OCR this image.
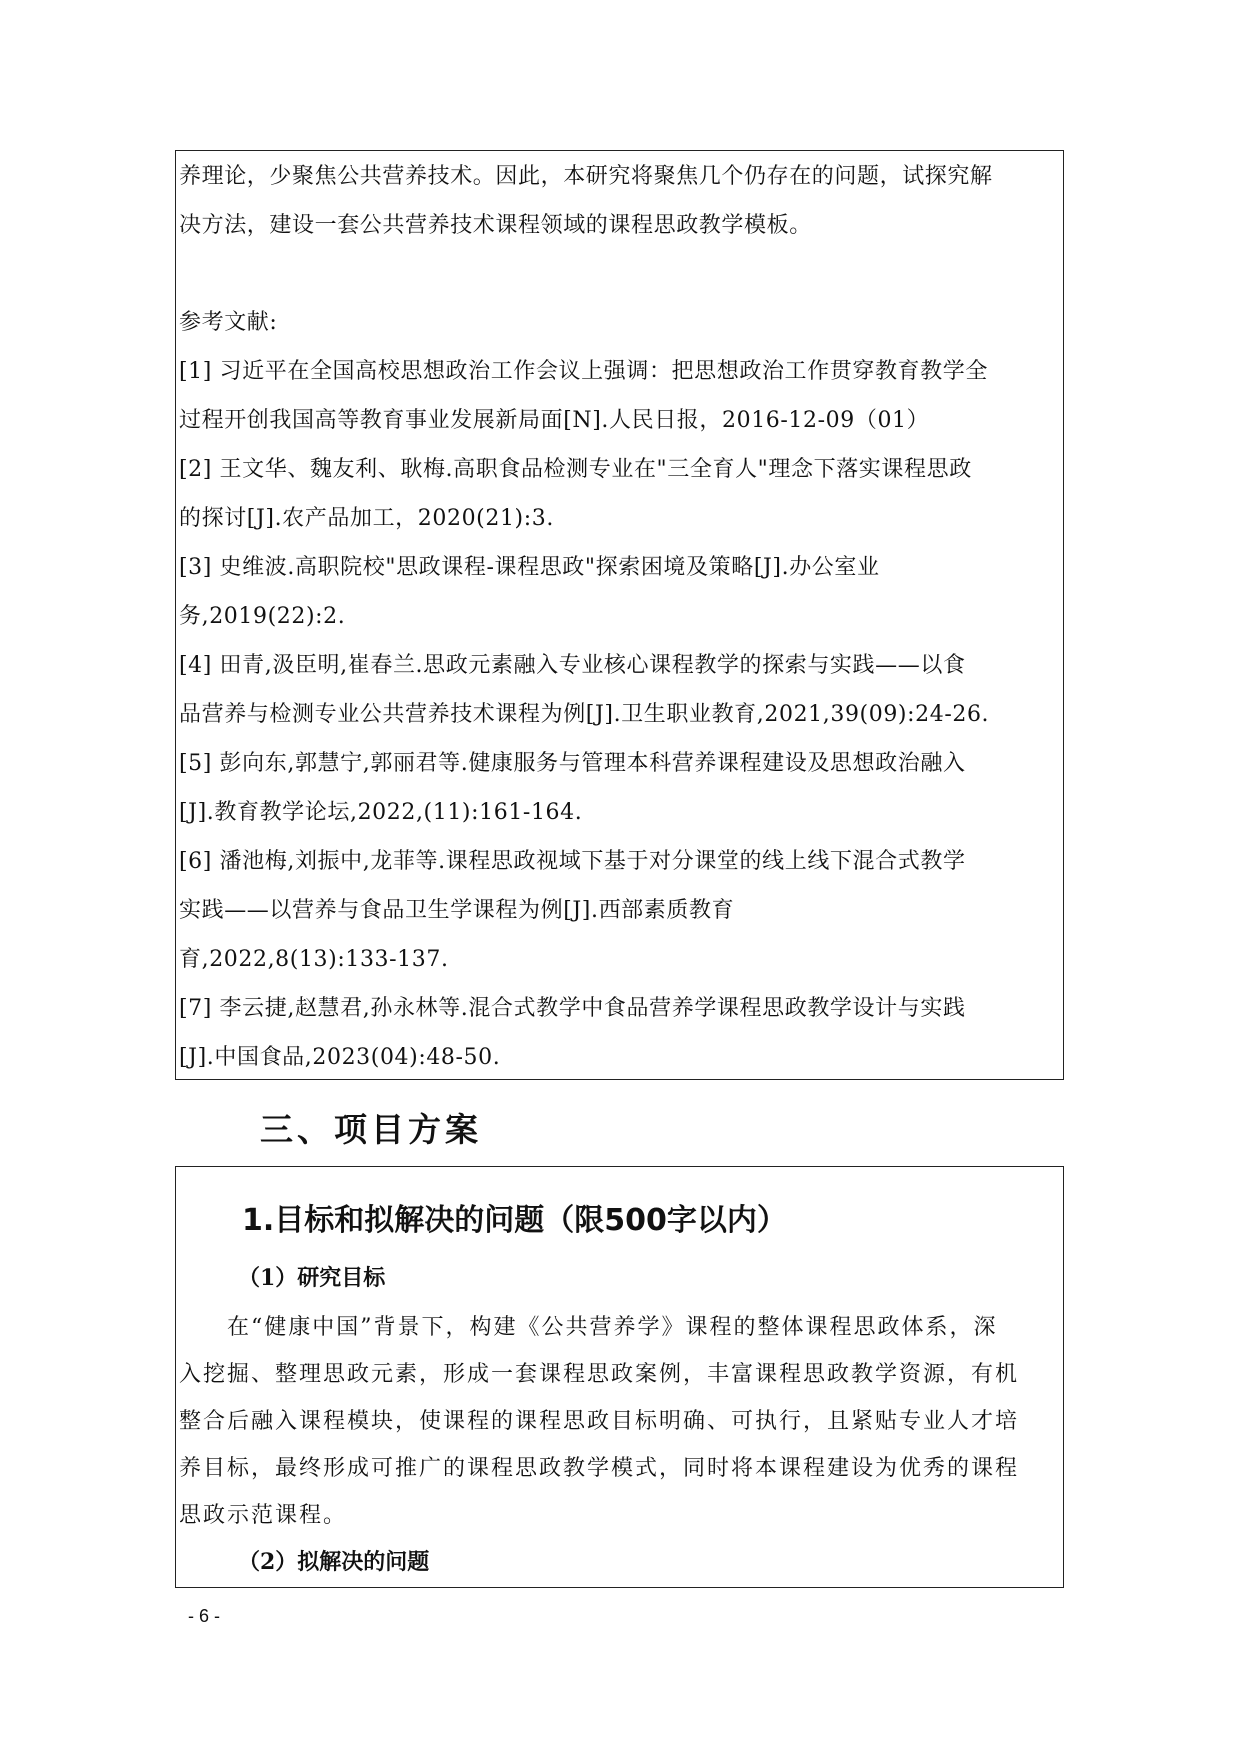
养理论，少聚焦公共营养技术。因此，本研究将聚焦几个仍存在的问题，试探究解
决方法，建设一套公共营养技术课程领域的课程思政教学模板。
参考文献:
[1] 习近平在全国高校思想政治工作会议上强调：把思想政治工作贯穿教育教学全
过程开创我国高等教育事业发展新局面[N].人民日报，2016-12-09（01）
[2] 王文华、魏友利、耿梅.高职食品检测专业在"三全育人"理念下落实课程思政
的探讨[J].农产品加工，2020(21):3.
[3] 史维波.高职院校"思政课程-课程思政"探索困境及策略[J].办公室业
务,2019(22):2.
[4] 田青,汲臣明,崔春兰.思政元素融入专业核心课程教学的探索与实践——以食
品营养与检测专业公共营养技术课程为例[J].卫生职业教育,2021,39(09):24-26.
[5] 彭向东,郭慧宁,郭丽君等.健康服务与管理本科营养课程建设及思想政治融入
[J].教育教学论坛,2022,(11):161-164.
[6] 潘池梅,刘振中,龙菲等.课程思政视域下基于对分课堂的线上线下混合式教学
实践——以营养与食品卫生学课程为例[J].西部素质教育
育,2022,8(13):133-137.
[7] 李云捷,赵慧君,孙永林等.混合式教学中食品营养学课程思政教学设计与实践
[J].中国食品,2023(04):48-50.
三、项目方案
1.目标和拟解决的问题（限500字以内）
（1）研究目标
在“健康中国”背景下，构建《公共营养学》课程的整体课程思政体系，深
入挖掘、整理思政元素，形成一套课程思政案例，丰富课程思政教学资源，有机
整合后融入课程模块，使课程的课程思政目标明确、可执行，且紧贴专业人才培
养目标，最终形成可推广的课程思政教学模式，同时将本课程建设为优秀的课程
思政示范课程。
（2）拟解决的问题
- 6 -
